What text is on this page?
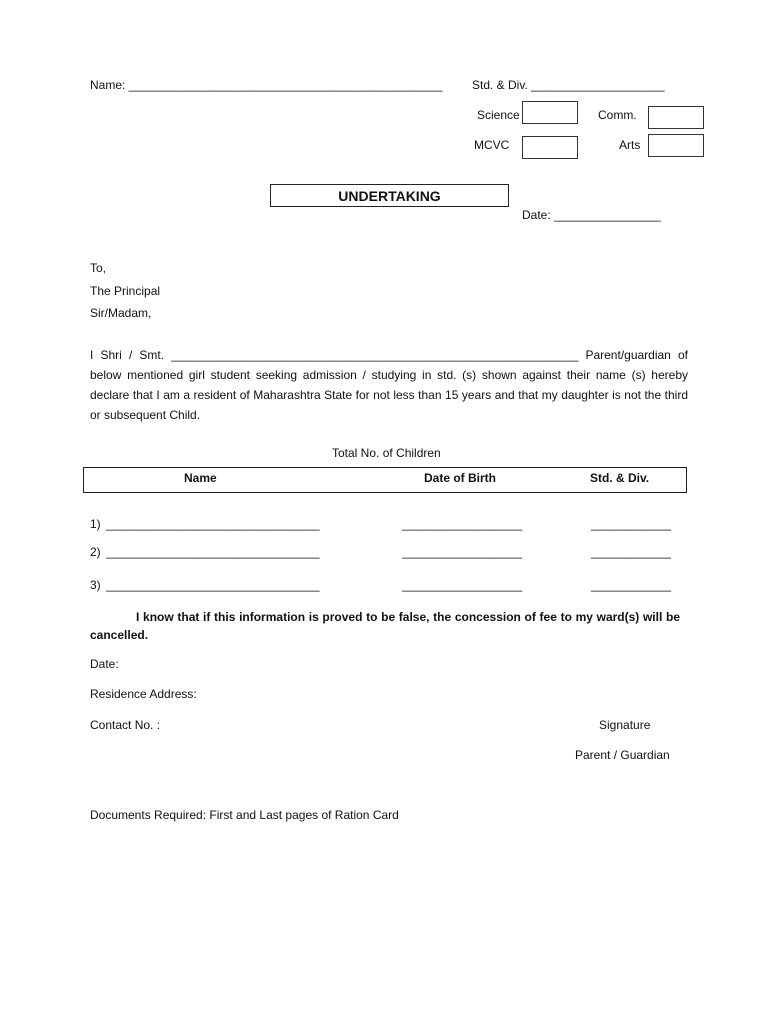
Name: _______________________________________________ Std. & Div. ____________________
Science	Comm.
MCVC	Arts
UNDERTAKING
Date: ________________
To,
The Principal
Sir/Madam,
I Shri / Smt. _____________________________________________________________ Parent/guardian of below mentioned girl student seeking admission / studying in std. (s) shown against their name (s) hereby declare that I am a resident of Maharashtra State for not less than 15 years and that my daughter is not the third or subsequent Child.
Total No. of Children
Name	Date of Birth	Std. & Div.
1) ________________________________	__________________	____________
2) ________________________________	__________________	____________
3) ________________________________	__________________	____________
I know that if this information is proved to be false, the concession of fee to my ward(s) will be cancelled.
Date:
Residence Address:
Contact No. :	Signature
Parent / Guardian
Documents Required: First and Last pages of Ration Card
